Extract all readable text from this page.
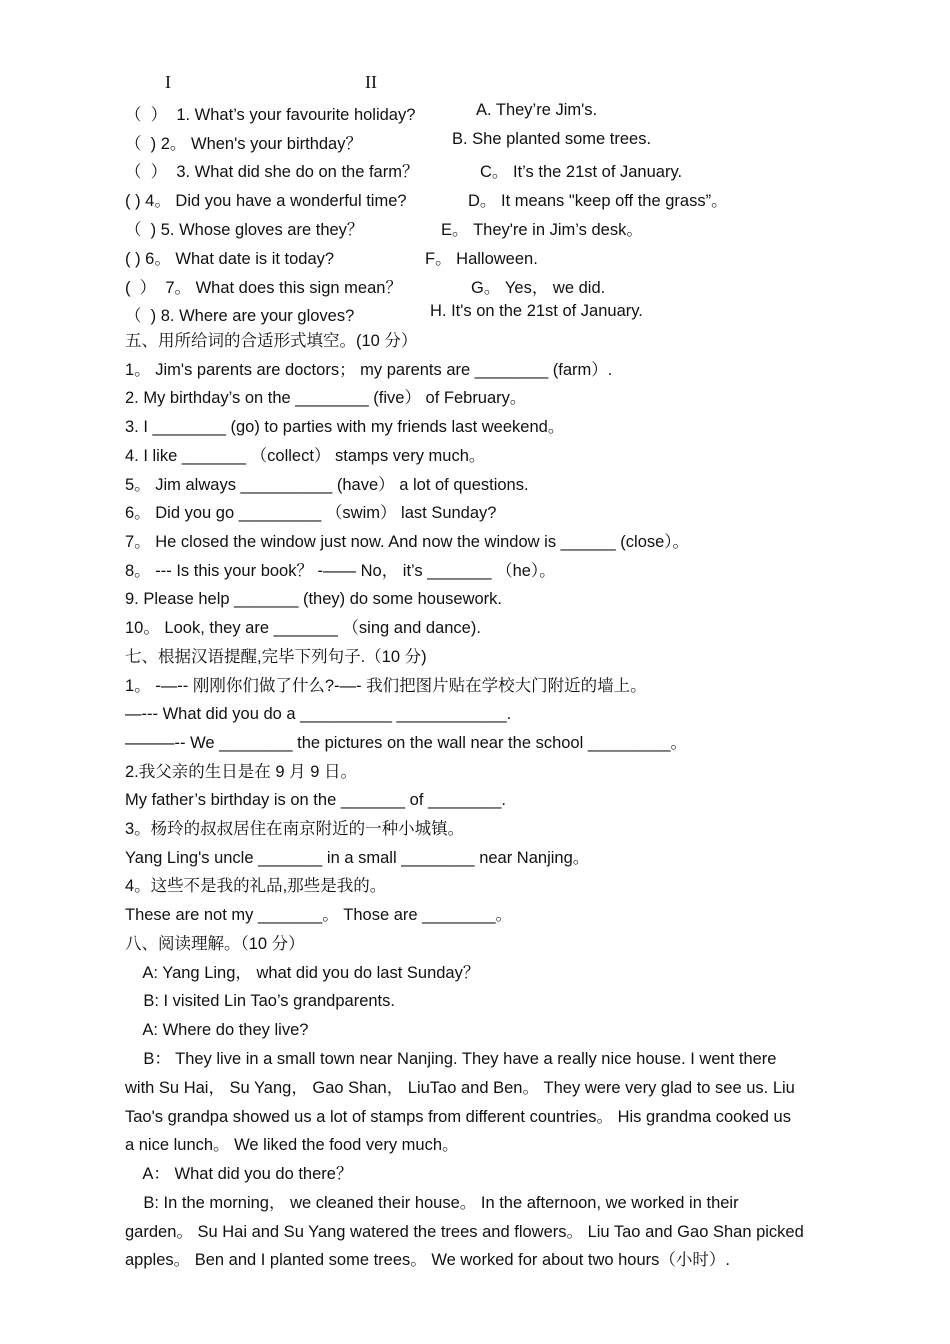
I	II
（  ）  1. What’s your favourite holiday?	A. They’re Jim's.
（  ) 2。 When's your birthday？	B. She planted some trees.
（  ）  3. What did she do on the farm？	C。 It’s the 21st of January.
( ) 4。 Did you have a wonderful time?	D。 It means "keep off the grass”。
（  ) 5. Whose gloves are they？	E。 They're in Jim’s desk。
( ) 6。 What date is it today?	F。 Halloween.
(  ）  7。 What does this sign mean？	G。 Yes， we did.
（  ) 8. Where are your gloves?	H. It's on the 21st of January.
五、用所给词的合适形式填空。(10 分）
1。 Jim's parents are doctors； my parents are ________ (farm）.
2. My birthday’s on the ________ (five） of February。
3. I ________ (go) to parties with my friends last weekend。
4. I like _______ （collect） stamps very much。
5。 Jim always __________ (have） a lot of questions.
6。 Did you go _________ （swim） last Sunday?
7。 He closed the window just now. And now the window is ______ (close）。
8。 --- Is this your book？ -—— No， it’s _______ （he）。
9. Please help _______ (they) do some housework.
10。 Look, they are _______ （sing and dance).
七、根据汉语提醒,完毕下列句子.（10 分)
1。 -—-- 刚刚你们做了什么?-—- 我们把图片贴在学校大门附近的墙上。
—--- What did you do a __________ ____________.
———-- We ________ the pictures on the wall near the school _________。
2.我父亲的生日是在 9 月 9 日。
My father’s birthday is on the _______ of ________.
3。杨玲的叔叔居住在南京附近的一种小城镇。
Yang Ling's uncle _______ in a small ________ near Nanjing。
4。这些不是我的礼品,那些是我的。
These are not my _______。 Those are ________。
八、阅读理解。（10 分）
A: Yang Ling， what did you do last Sunday？
B: I visited Lin Tao’s grandparents.
A: Where do they live?
B： They live in a small town near Nanjing. They have a really nice house. I went there
with Su Hai， Su Yang， Gao Shan， LiuTao and Ben。 They were very glad to see us. Liu
Tao's grandpa showed us a lot of stamps from different countries。 His grandma cooked us
a nice lunch。 We liked the food very much。
A： What did you do there？
B: In the morning， we cleaned their house。 In the afternoon, we worked in their
garden。 Su Hai and Su Yang watered the trees and flowers。 Liu Tao and Gao Shan picked
apples。 Ben and I planted some trees。 We worked for about two hours（小时）.
